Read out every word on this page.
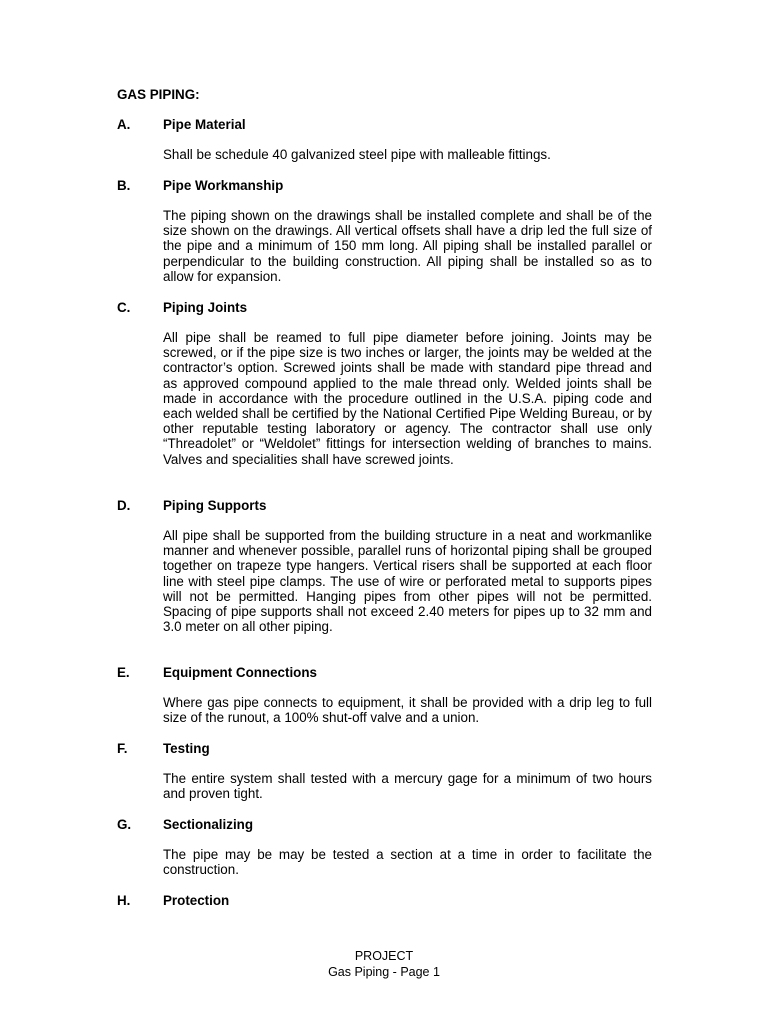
GAS PIPING:
A. Pipe Material

Shall be schedule 40 galvanized steel pipe with malleable fittings.

B. Pipe Workmanship

The piping shown on the drawings shall be installed complete and shall be of the size shown on the drawings. All vertical offsets shall have a drip led the full size of the pipe and a minimum of 150 mm long. All piping shall be installed parallel or perpendicular to the building construction. All piping shall be installed so as to allow for expansion.

C. Piping Joints

All pipe shall be reamed to full pipe diameter before joining. Joints may be screwed, or if the pipe size is two inches or larger, the joints may be welded at the contractor’s option. Screwed joints shall be made with standard pipe thread and as approved compound applied to the male thread only. Welded joints shall be made in accordance with the procedure outlined in the U.S.A. piping code and each welded shall be certified by the National Certified Pipe Welding Bureau, or by other reputable testing laboratory or agency. The contractor shall use only “Threadolet” or “Weldolet” fittings for intersection welding of branches to mains. Valves and specialities shall have screwed joints.

D. Piping Supports

All pipe shall be supported from the building structure in a neat and workmanlike manner and whenever possible, parallel runs of horizontal piping shall be grouped together on trapeze type hangers. Vertical risers shall be supported at each floor line with steel pipe clamps. The use of wire or perforated metal to supports pipes will not be permitted. Hanging pipes from other pipes will not be permitted. Spacing of pipe supports shall not exceed 2.40 meters for pipes up to 32 mm and 3.0 meter on all other piping.

E. Equipment Connections

Where gas pipe connects to equipment, it shall be provided with a drip leg to full size of the runout, a 100% shut-off valve and a union.

F.	Testing

The entire system shall tested with a mercury gage for a minimum of two hours and proven tight.

G. Sectionalizing

The pipe may be may be tested a section at a time in order to facilitate the construction.

H. Protection
PROJECT
Gas Piping - Page 1
